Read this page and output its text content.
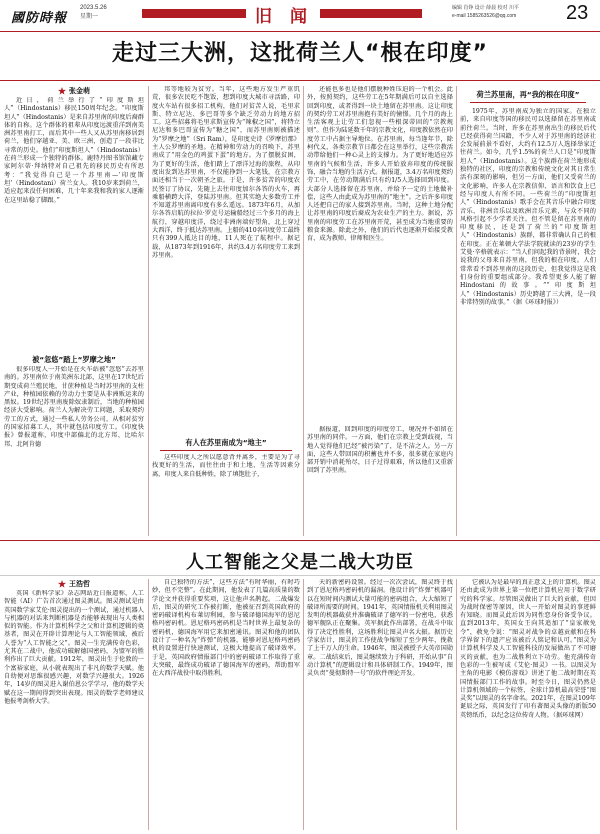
國防時報
2023.5.26
星期一	旧 闻	编辑 肖铮 设计 薛晨 校对 川平
e-mail 1585263526@qq.com 23
走过三大洲，这批荷兰人“根在印度”
张金萌

近日，荷兰举行了“印度斯坦人”（Hindostanis）移民150周年纪念。“印度斯坦人”（Hindostanis）是来自苏里南的印度后裔群体的自称。这个群体的祖辈从印度远渡重洋到南美洲苏里南打工，而后其中一些人又从苏里南移居到荷兰，他们穿越亚、美、欧三洲，创造了一段非比寻常的历史。他们“印度斯坦人”（Hindostanis）在荷兰形成一个独特的群体。鹿特丹图书馆馆藏专家阿尔蒂·拜纳特对自己祖先的移民历史有所思考：“我觉得自己是一个苏里南—‘印度斯坦’（Hindostani）荷兰女人。我10岁来到荷兰，适应起来没任何困难，几十年来我和我的家人逐渐在这里站稳了脚跟。”

被“忽悠”踏上“罗摩之地”

很多印度人一开始是在火车站被“忽悠”去苏里南的。苏里南位于南美洲东北部，这里在17世纪后期变成荷兰殖民地，甘蔗种植是当时苏里南的支柱产业，种植园依赖的劳动力主要是从非洲贩运来的黑奴。19世纪苏里南废除奴隶制后，当地的种植园经济大受影响。荷兰人为解决劳工问题，采取契约劳工的方式，通过一些私人劳务公司，从相对贫穷的国家招募工人，其中就包括印度劳工。《印度快报》曾报道称，印度中部偏北的北方邦、比哈尔邦、北阿肯德

邦等地较为贫穷。当年，这些地方发生严重饥荒，很多农民吃不饱饭，想到印度大城市寻活路，印度火车站有很多招工机构，他们对贫苦人说，毛里求斯、特立尼达、多巴哥等多个缺乏劳动力的地方招工。这些招募将毛里求斯宣传为“辣椒之国”，将特立尼达和多巴哥宣传为“糖之国”，而苏里南则被描述为“罗摩之地”（Sri Ram），是印度史诗《罗摩衍那》主人公罗摩的圣地。在精神和劳动力的召唤下，苏里南成了“用金色的鸡蛋下蛋”的地方。为了摆脱贫困，为了更好的生活，他们踏上了漂洋过海的旅程，从印度出发到达苏里南，不仅能挣到一大笔钱，在宗教方面还相当于一次朝圣之旅。于是，许多贫苦的印度农民签订了协议，先随上去往印度加尔各答的火车，再乘船横跨大洋，登陆苏里南。但其实绝大多数劳工并不知道苏里南离印度有多么遥远。1873年6月，从加尔各答启航的拉拉·罗克号运输船经过三个多月的海上航行，穿越印度洋，绕过非洲南端好望角，北上穿过大西洋，终于抵达苏里南。上船的410名印度劳工最终只有399人抵达目的地，11人死在了航程中。据记载，从1873年到1916年，共约3.4万名印度劳工来到苏里南。

有人在苏里南成为“地主”

这些印度人之所以愿意背井离乡，主要是为了寻找更好的生活，而往往由于和土地、生活等因素分离，印度人来自低种姓，除了填饱肚子，

还能也多也是他们摆脱种姓压迫的一个机会。此外，按照契约，这些劳工在5年期满后可以自主选择回到印度，或者得到一块土地留在苏里南。这让印度的契约劳工对苏里南抱有美好的憧憬。几个月的海上生活客观上让劳工们忽视一些根深蒂固的“宗教规则”。但作为陆延数千年的宗教文化，印度教依然在印度劳工中占据主导地位。在苏里南，每当逢年节，除柯代义，各类宗教节日都会在这里举行，这些宗教活动带给他们一种心灵上的支撑力。为了更好地适应苏里南的气候和生活，许多人开始放弃印度的传统服饰，融合当地的生活方式。据报道，3.4万名印度契约劳工中，在劳动期满后只有约1/5人选择回到印度。大部分人选择留在苏里南，并给予一定的土地做补偿，这些人由此成为苏里南的“地主”。之后许多印度人还把自己的家人接到苏里南。当时，这种土地分配让苏里南的印度后裔成为农业生产的主力。据说，苏里南的印度劳工在苏里南开荒，甚至成为当地重要的粮食来源。除此之外，他们的后代也逐渐开始接受教育，成为教师、律师和医生。

据报道，回到印度的印度劳工，境况并不如留在苏里南的同伴。一方面，他们在宗教上受到歧视，当地人觉得他们已经“被污染”了，是不洁之人。另一方面，这些人带回国的积蓄也并不多，很多就在家庭内部开销中消耗殆尽，日子过得艰难，所以他们又重新回到了苏里南。

荷兰苏里南，再“我的根在印度”

1975年，苏里南成为独立的国家。在独立前，来自印度等国的移民可以选择留在苏里南或前往荷兰。当时，许多在苏里南出生的移民后代已经获得荷兰国籍，不少人对于苏里南的经济社会发展前景不看好，大约有12.5万人选择举家迁往荷兰。如今，几乎1.5%的荷兰人口是“印度斯坦人”（Hindostanis）。这个族群在荷兰地形成独特的社区，印度的宗教和传统文化对其日常生活有深刻的影响，但另一方面，他们又受荷兰的文化影响，许多人在宗教信仰、语言和饮食上已经与印度人有所不同。一些荷兰的“印度斯坦人”（Hindostanis）歌手会在其音乐中融合印度音乐、非洲音乐以及欧洲音乐元素，与众不同的风格引起不少学者关注。但不管是留在苏里南的印度移民，还是到了荷兰的“印度斯坦人”（Hindostanis）族群，都非常确认自己的根在印度。正在莱顿大学法学院就读的23岁的学生艾曼·辛格就表示：“当人们问起我的背景时，我会说我的父母来自苏里南，但我的根在印度。人们常常看不到苏里南的这段历史，但我觉得这是我们身份的重要组成部分。我希望更多人能了解Hindostani的故事。”“印度斯坦人”（Hindostanis）历史跨越了三大洲，是一段非常特别的故事。”（据《环球时报》）

人工智能之父是二战大功臣
王浩哲

英国《新科学家》杂志网站近日报道称，人工智能（AI）广告首次通过图灵测试。图灵测试是由英国数学家艾伦·图灵提出的一个测试，通过机器人与机器的对话来判断机器是否能够表现出与人类相似的智能。作为计算机科学之父和计算机逻辑的奠基者，图灵在开辟计算理论与人工智能领域，被后人誉为“人工智能之父”。图灵一生充满传奇色彩，尤其在二战中，他成功破解德国密码，为盟军的胜利作出了巨大贡献。1912年，图灵出生于伦敦的一个富裕家庭，从小就表现出了非凡的数学天赋。他自幼便对思维很感兴趣，对数学兴趣很大。1926年，14岁的图灵进入谢伯恩公学学习，他的数学天赋在这一期间得到突出表现。图灵的数学老师建议他报考剑桥大学。

自己独特的方法”，这些方法“有时华丽，有时巧妙，但不完整”。在此期间，他发表了几篇高质量的数学论文并获得重要奖项，这让他声名鹊起。二战爆发后，图灵的研究工作被打断，他被征召到英国政府的密码破译机构布莱切利园，参与破译德国海军的恩尼格玛密码机。恩尼格玛密码机是当时世界上最复杂的密码机，德国海军用它来加密通讯。图灵和他的团队设计了一种名为“炸弹”的机器，能够对恩尼格玛密码机的设置进行快速测试，这极大地提高了破译效率。于是，英国政府情报部门中的密码破译工作取得了重大突破，最终成功破译了德国海军的密码，帮助盟军在大西洋战役中取得胜利。

天的新密码设置。经过一次次尝试，图灵终于找到了恩尼格玛密码机的漏洞。他设计的“炸弹”机器可以在短时间内测试大量可能的密码组合，大大缩短了破译所需要的时间。1941年，英国情报机关利用图灵发明的机器截获并准确破译了德军的一份密电，获悉德军舰队正在聚集。英军据此作出部署，在战斗中取得了决定性胜利，这场胜利让图灵声名大振。据历史学家估计，图灵的工作使战争缩短了至少两年，挽救了上千万人的生命。1946年，图灵被授予大英帝国勋章。二战结束后，图灵继续致力于科研，开始从事“自动计算机”的逻辑设计和具体研制工作。1949年，图灵负责“曼彻斯特一号”的软件理论开发。

它被认为是最早的真正意义上的计算机。图灵还由此成为世界上第一位把计算机应用于数学研究的科学家。尽管图灵做出了巨大的贡献，但因为战时保密等原因，世人一开始对图灵的事迹鲜有知晓。而图灵此后因为同性恋身份备受争议。直到2013年，英国女王向其追加了“皇家赦免令”，赦免令说：“图灵对战争的卓越贡献和在科学界留下的遗产应该被后人铭记和认可。”图灵为计算机科学及人工智能科技的发展做出了不可磨灭的贡献，也为二战胜利立下功劳。他充满传奇色彩的一生被写成《艾伦·图灵》一书。以图灵为主角的电影《模仿游戏》讲述了他二战时期在英国情报部门工作的故事。时至今日，图灵仍然是计算机领域的一个标签，全球计算机最高荣誉“图灵奖”以图灵的名字命名。2021年，在图灵109年诞辰之际，英国发行了印有著图灵头像的新版50英镑纸币，以纪念这位传奇人物。（据环球网）
